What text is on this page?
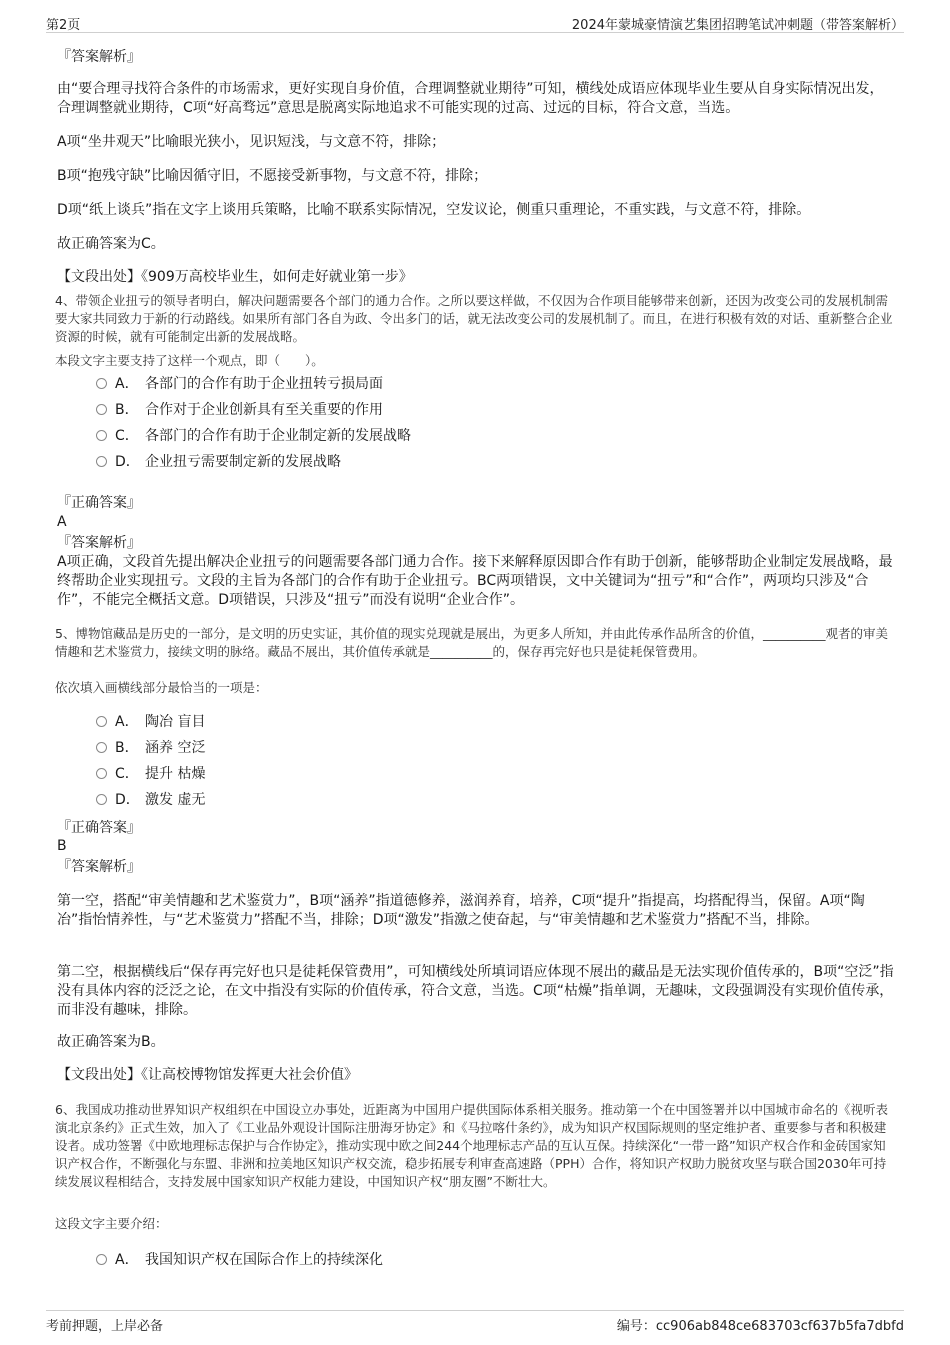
第2页	2024年蒙城豪情演艺集团招聘笔试冲刺题（带答案解析）
『答案解析』
由“要合理寻找符合条件的市场需求，更好实现自身价值，合理调整就业期待”可知，横线处成语应体现毕业生要从自身实际情况出发，合理调整就业期待，C项“好高骛远”意思是脱离实际地追求不可能实现的过高、过远的目标，符合文意，当选。
A项“坐井观天”比喻眼光狭小，见识短浅，与文意不符，排除；
B项“抱残守缺”比喻因循守旧，不愿接受新事物，与文意不符，排除；
D项“纸上谈兵”指在文字上谈用兵策略，比喻不联系实际情况，空发议论，侧重只重理论，不重实践，与文意不符，排除。
故正确答案为C。
【文段出处】《909万高校毕业生，如何走好就业第一步》
4、带领企业扭亏的领导者明白，解决问题需要各个部门的通力合作。之所以要这样做，不仅因为合作项目能够带来创新，还因为改变公司的发展机制需要大家共同致力于新的行动路线。如果所有部门各自为政、令出多门的话，就无法改变公司的发展机制了。而且，在进行积极有效的对话、重新整合企业资源的时候，就有可能制定出新的发展战略。
本段文字主要支持了这样一个观点，即（　　）。
A． 各部门的合作有助于企业扭转亏损局面
B． 合作对于企业创新具有至关重要的作用
C． 各部门的合作有助于企业制定新的发展战略
D． 企业扭亏需要制定新的发展战略
『正确答案』
A
『答案解析』
A项正确，文段首先提出解决企业扭亏的问题需要各部门通力合作。接下来解释原因即合作有助于创新，能够帮助企业制定发展战略，最终帮助企业实现扭亏。文段的主旨为各部门的合作有助于企业扭亏。BC两项错误，文中关键词为“扭亏”和“合作”，两项均只涉及“合作”，不能完全概括文意。D项错误，只涉及“扭亏”而没有说明“企业合作”。
5、博物馆藏品是历史的一部分，是文明的历史实证，其价值的现实兑现就是展出，为更多人所知，并由此传承作品所含的价值，__________观者的审美情趣和艺术鉴赏力，接续文明的脉络。藏品不展出，其价值传承就是__________的，保存再完好也只是徒耗保管费用。
依次填入画横线部分最恰当的一项是：
A． 陶冶 盲目
B． 涵养 空泛
C． 提升 枯燥
D． 激发 虚无
『正确答案』
B
『答案解析』
第一空，搭配“审美情趣和艺术鉴赏力”，B项“涵养”指道德修养，滋润养育，培养，C项“提升”指提高，均搭配得当，保留。A项“陶冶”指怡情养性，与“艺术鉴赏力”搭配不当，排除；D项“激发”指激之使奋起，与“审美情趣和艺术鉴赏力”搭配不当，排除。
第二空，根据横线后“保存再完好也只是徒耗保管费用”，可知横线处所填词语应体现不展出的藏品是无法实现价值传承的，B项“空泛”指没有具体内容的泛泛之论，在文中指没有实际的价值传承，符合文意，当选。C项“枯燥”指单调，无趣味，文段强调没有实现价值传承，而非没有趣味，排除。
故正确答案为B。
【文段出处】《让高校博物馆发挥更大社会价值》
6、我国成功推动世界知识产权组织在中国设立办事处，近距离为中国用户提供国际体系相关服务。推动第一个在中国签署并以中国城市命名的《视听表演北京条约》正式生效，加入了《工业品外观设计国际注册海牙协定》和《马拉喀什条约》，成为知识产权国际规则的坚定维护者、重要参与者和积极建设者。成功签署《中欧地理标志保护与合作协定》，推动实现中欧之间244个地理标志产品的互认互保。持续深化“一带一路”知识产权合作和金砖国家知识产权合作，不断强化与东盟、非洲和拉美地区知识产权交流，稳步拓展专利审查高速路（PPH）合作，将知识产权助力脱贫攻坚与联合国2030年可持续发展议程相结合，支持发展中国家知识产权能力建设，中国知识产权“朋友圈”不断壮大。
这段文字主要介绍：
A． 我国知识产权在国际合作上的持续深化
考前押题，上岸必备	编号：cc906ab848ce683703cf637b5fa7dbfd
